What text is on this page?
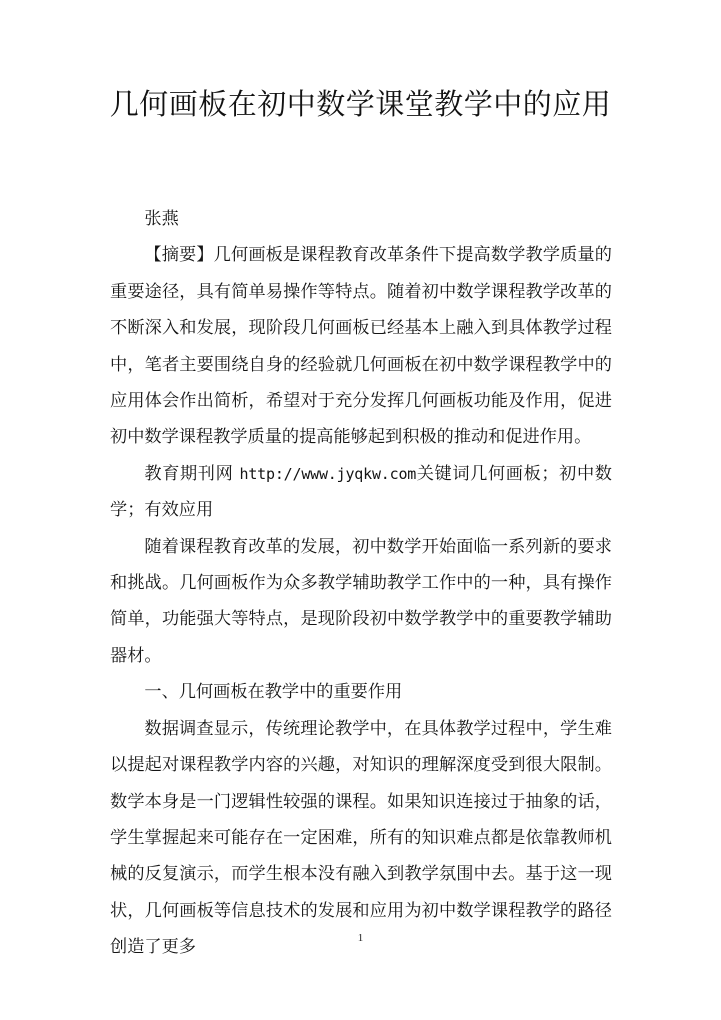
几何画板在初中数学课堂教学中的应用

张燕

【摘要】几何画板是课程教育改革条件下提高数学教学质量的重要途径，具有简单易操作等特点。随着初中数学课程教学改革的不断深入和发展，现阶段几何画板已经基本上融入到具体教学过程中，笔者主要围绕自身的经验就几何画板在初中数学课程教学中的应用体会作出简析，希望对于充分发挥几何画板功能及作用，促进初中数学课程教学质量的提高能够起到积极的推动和促进作用。

教育期刊网 http://www.jyqkw.com关键词几何画板；初中数学；有效应用

随着课程教育改革的发展，初中数学开始面临一系列新的要求和挑战。几何画板作为众多教学辅助教学工作中的一种，具有操作简单，功能强大等特点，是现阶段初中数学教学中的重要教学辅助器材。

一、几何画板在教学中的重要作用

数据调查显示，传统理论教学中，在具体教学过程中，学生难以提起对课程教学内容的兴趣，对知识的理解深度受到很大限制。数学本身是一门逻辑性较强的课程。如果知识连接过于抽象的话，学生掌握起来可能存在一定困难，所有的知识难点都是依靠教师机械的反复演示，而学生根本没有融入到教学氛围中去。基于这一现状，几何画板等信息技术的发展和应用为初中数学课程教学的路径创造了更多	1
